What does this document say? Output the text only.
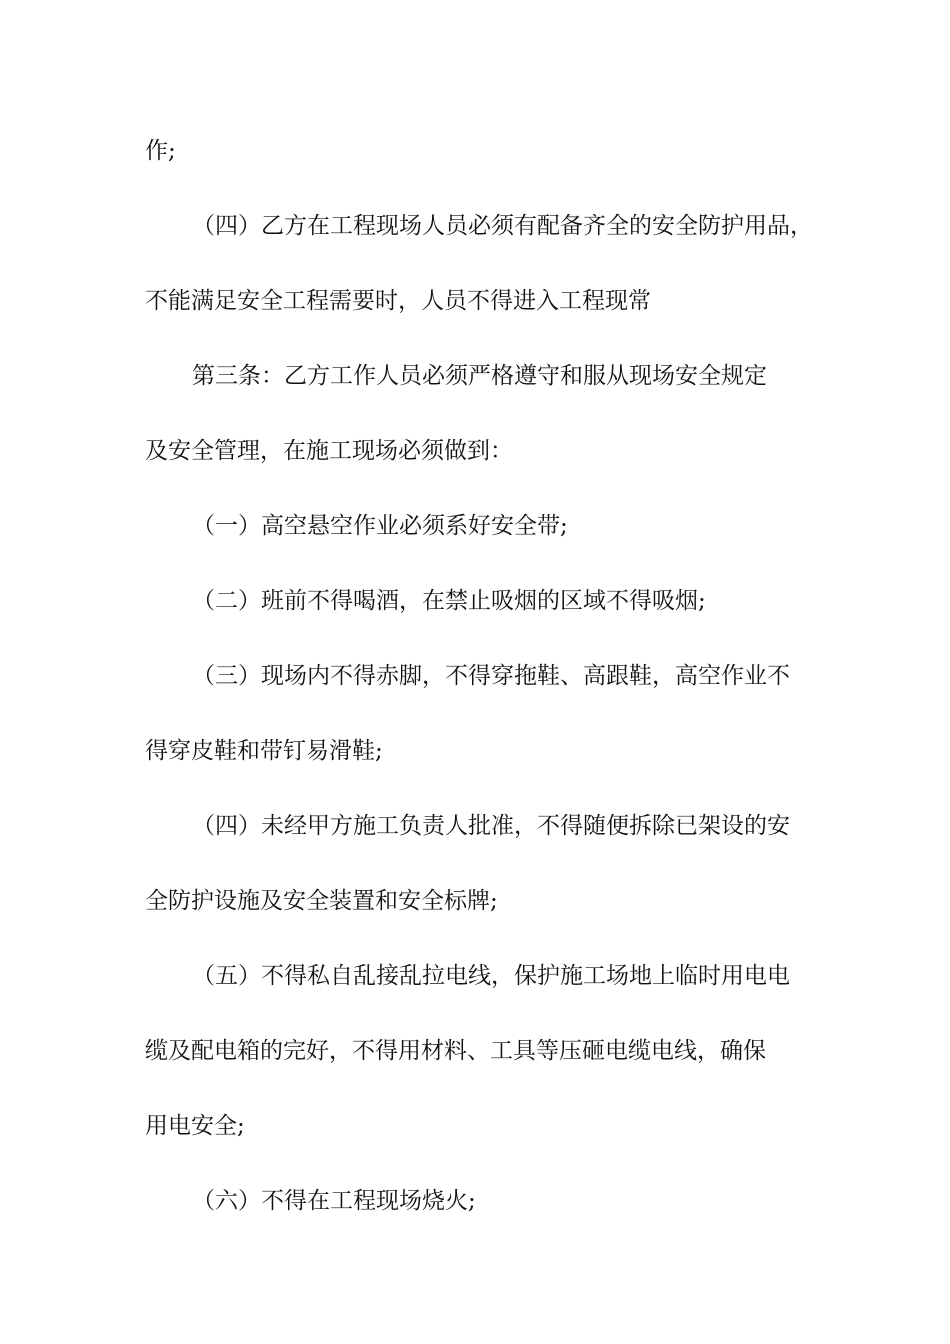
作;

（四）乙方在工程现场人员必须有配备齐全的安全防护用品，

不能满足安全工程需要时，人员不得进入工程现常

第三条：乙方工作人员必须严格遵守和服从现场安全规定

及安全管理，在施工现场必须做到：

（一）高空悬空作业必须系好安全带;

（二）班前不得喝酒，在禁止吸烟的区域不得吸烟;

（三）现场内不得赤脚，不得穿拖鞋、高跟鞋，高空作业不

得穿皮鞋和带钉易滑鞋;

（四）未经甲方施工负责人批准，不得随便拆除已架设的安

全防护设施及安全装置和安全标牌;

（五）不得私自乱接乱拉电线，保护施工场地上临时用电电

缆及配电箱的完好，不得用材料、工具等压砸电缆电线，确保

用电安全;

（六）不得在工程现场烧火;
